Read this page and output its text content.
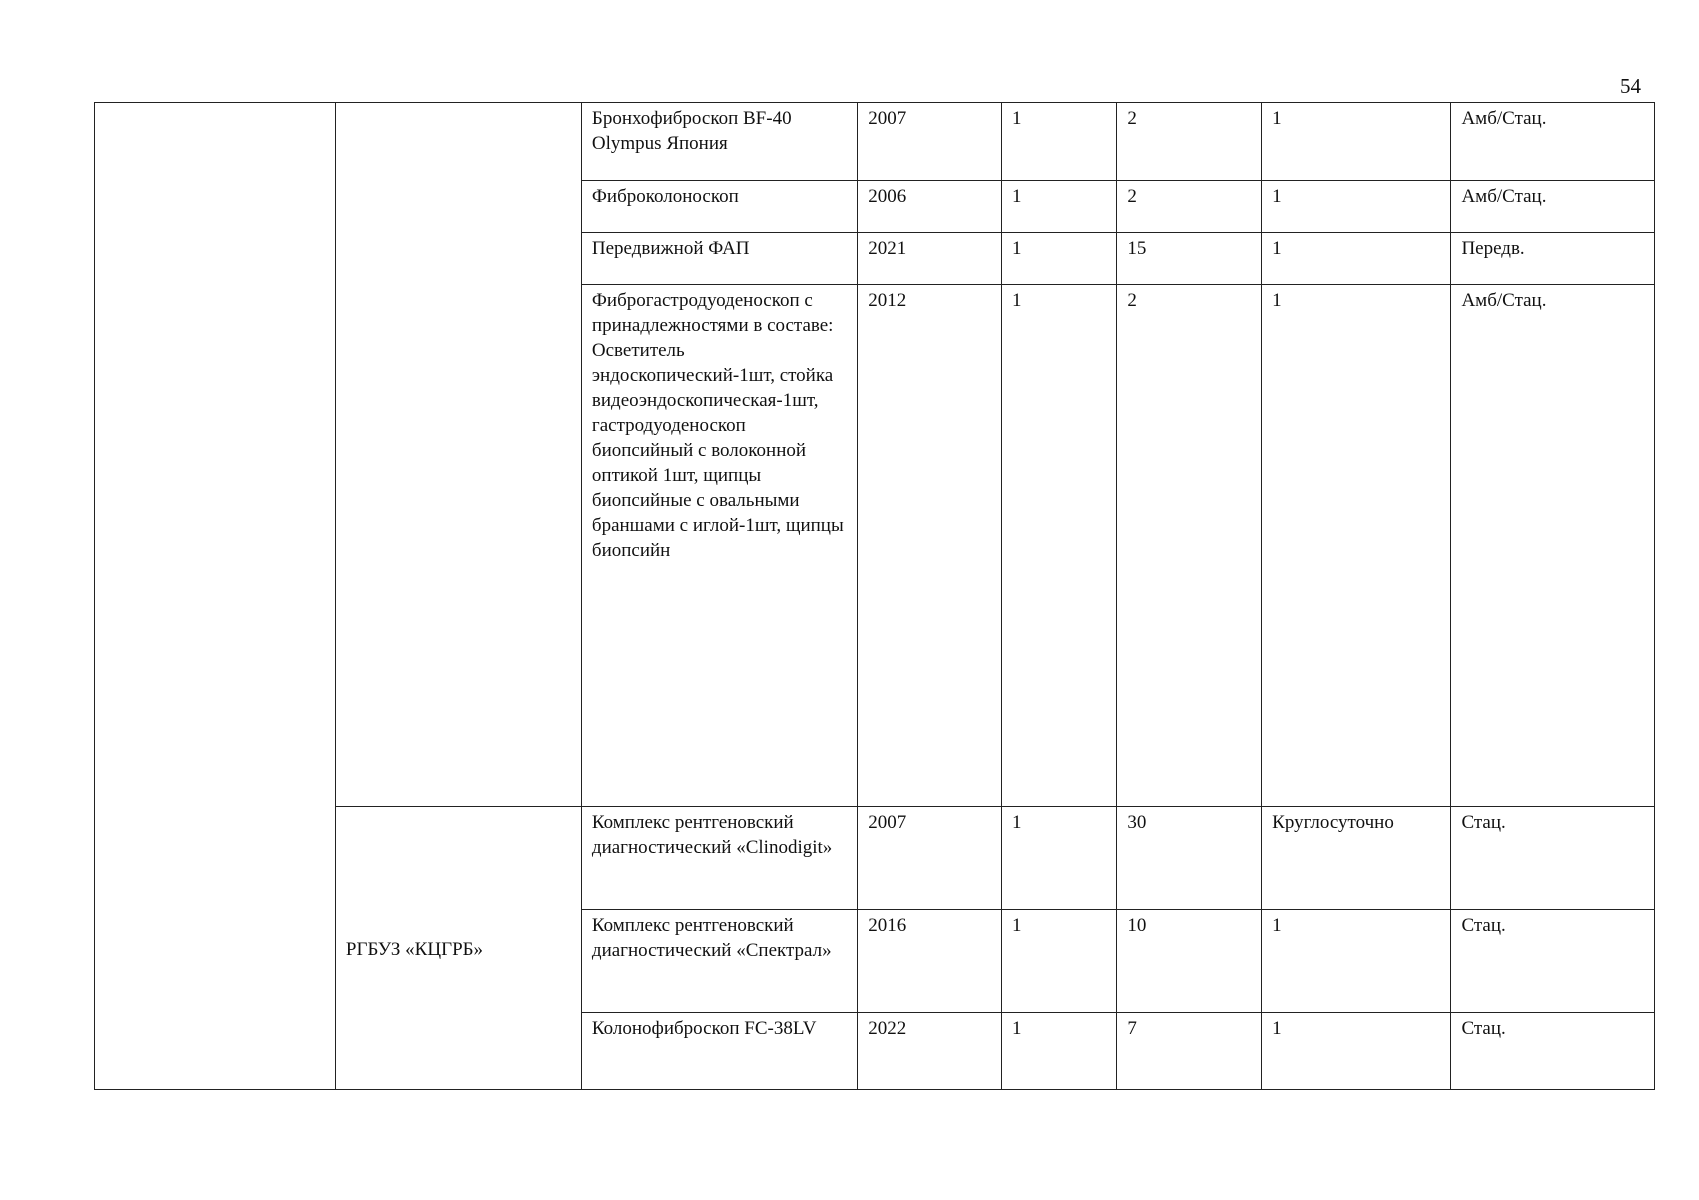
54
		Бронхофиброскоп BF-40 Olympus Япония	2007	1	2	1	Амб/Стац.
		Фиброколоноскоп	2006	1	2	1	Амб/Стац.
		Передвижной ФАП	2021	1	15	1	Передв.
		Фиброгастродуоденоскоп с принадлежностями в составе: Осветитель эндоскопический-1шт, стойка видеоэндоскопическая-1шт, гастродуоденоскоп биопсийный с волоконной оптикой 1шт, щипцы биопсийные с овальными браншами с иглой-1шт, щипцы биопсийн	2012	1	2	1	Амб/Стац.
	РГБУЗ «КЦГРБ»	Комплекс рентгеновский диагностический «Clinodigit»	2007	1	30	Круглосуточно	Стац.
		Комплекс рентгеновский диагностический «Спектрал»	2016	1	10	1	Стац.
		Колонофиброскоп FC-38LV	2022	1	7	1	Стац.
